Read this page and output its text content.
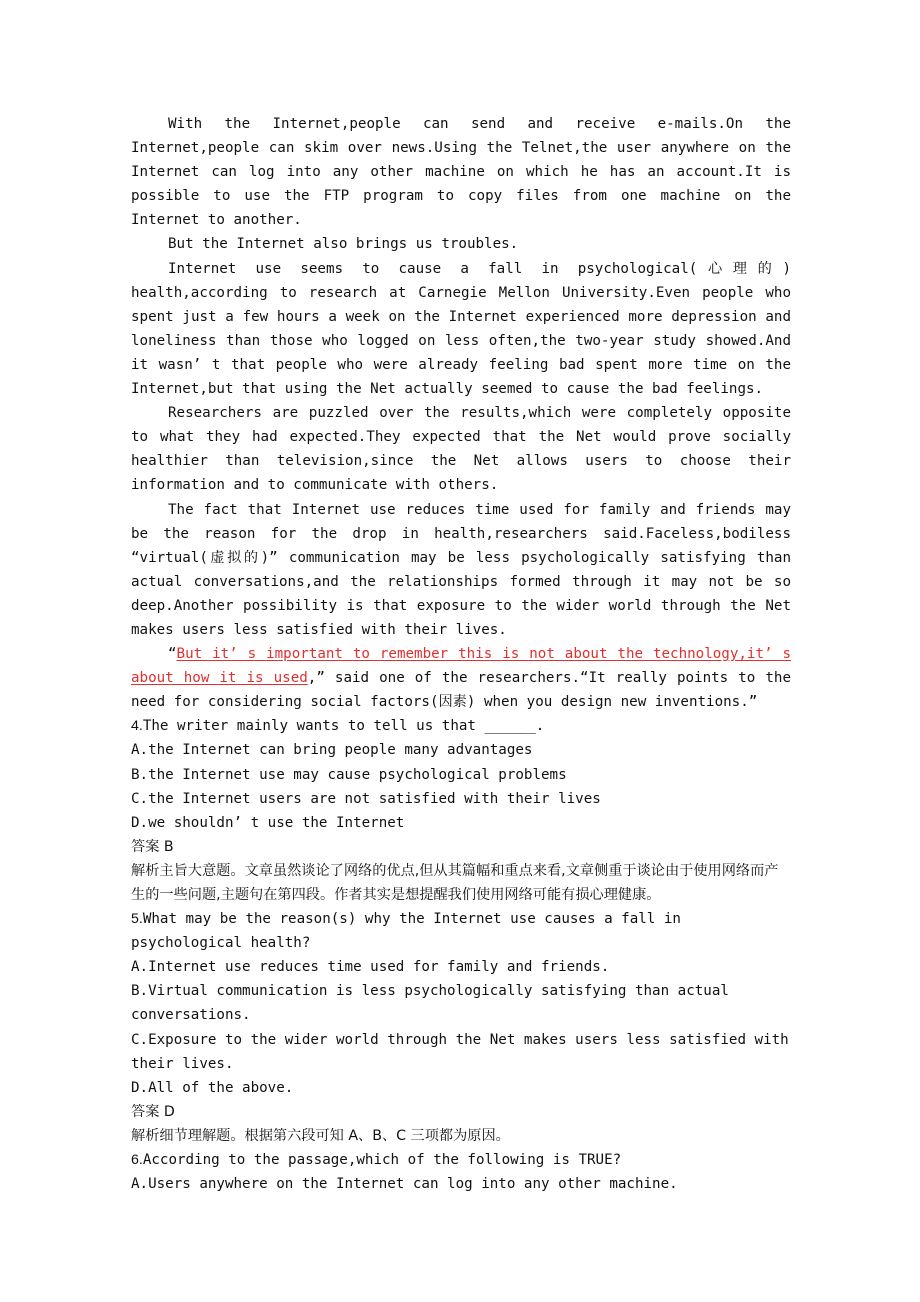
With the Internet,people can send and receive e-mails.On the Internet,people can skim over news.Using the Telnet,the user anywhere on the Internet can log into any other machine on which he has an account.It is possible to use the FTP program to copy files from one machine on the Internet to another.

But the Internet also brings us troubles.

Internet use seems to cause a fall in psychological(心理的) health,according to research at Carnegie Mellon University.Even people who spent just a few hours a week on the Internet experienced more depression and loneliness than those who logged on less often,the two-year study showed.And it wasn’ t that people who were already feeling bad spent more time on the Internet,but that using the Net actually seemed to cause the bad feelings.

Researchers are puzzled over the results,which were completely opposite to what they had expected.They expected that the Net would prove socially healthier than television,since the Net allows users to choose their information and to communicate with others.

The fact that Internet use reduces time used for family and friends may be the reason for the drop in health,researchers said.Faceless,bodiless “virtual(虚拟的)” communication may be less psychologically satisfying than actual conversations,and the relationships formed through it may not be so deep.Another possibility is that exposure to the wider world through the Net makes users less satisfied with their lives.

“But it’ s important to remember this is not about the technology,it’ s about how it is used,” said one of the researchers.“It really points to the need for considering social factors(因素) when you design new inventions.”

4.The writer mainly wants to tell us that ______.

A.the Internet can bring people many advantages

B.the Internet use may cause psychological problems

C.the Internet users are not satisfied with their lives

D.we shouldn’ t use the Internet

答案 B

解析主旨大意题。文章虽然谈论了网络的优点,但从其篇幅和重点来看,文章侧重于谈论由于使用网络而产生的一些问题,主题句在第四段。作者其实是想提醒我们使用网络可能有损心理健康。

5.What may be the reason(s) why the Internet use causes a fall in psychological health?

A.Internet use reduces time used for family and friends.

B.Virtual communication is less psychologically satisfying than actual conversations.

C.Exposure to the wider world through the Net makes users less satisfied with their lives.

D.All of the above.

答案 D

解析细节理解题。根据第六段可知 A、B、C 三项都为原因。

6.According to the passage,which of the following is TRUE?

A.Users anywhere on the Internet can log into any other machine.
